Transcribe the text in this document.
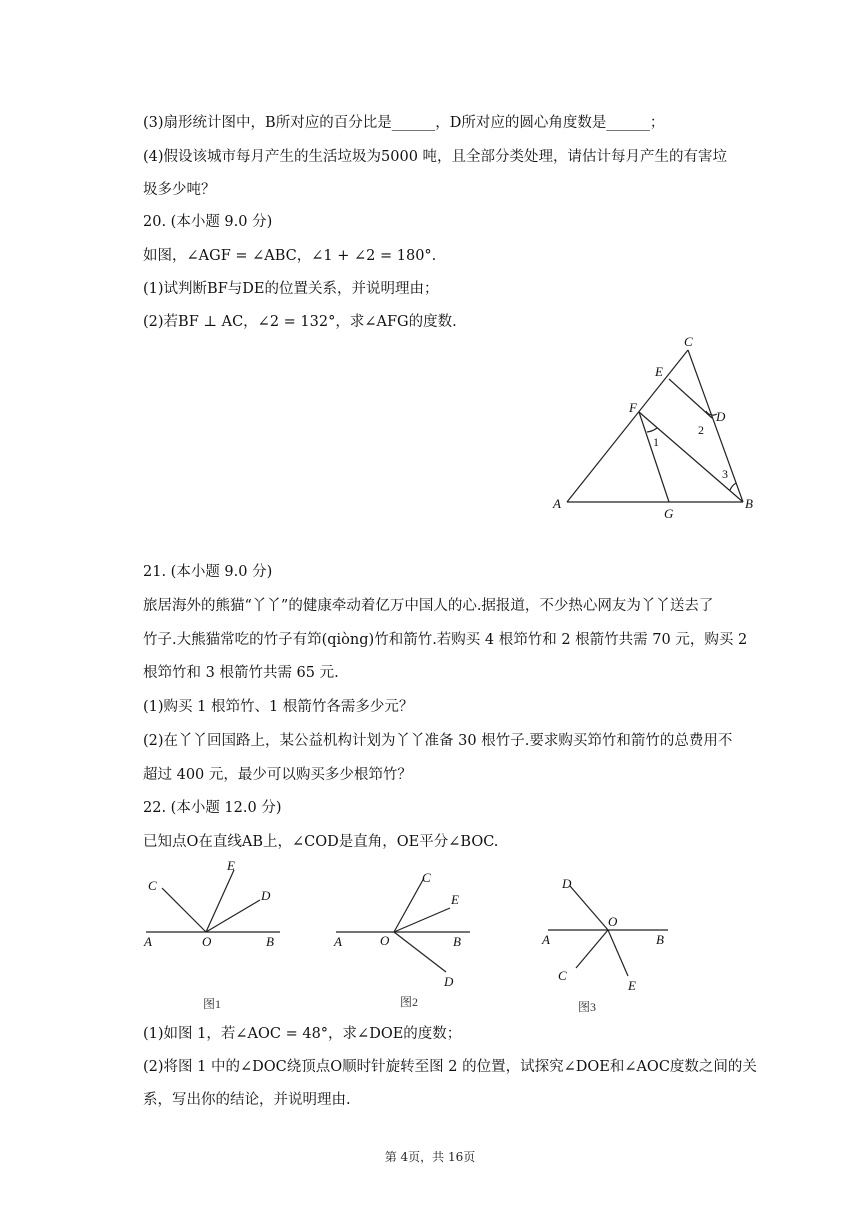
(3)扇形统计图中，B所对应的百分比是______，D所对应的圆心角度数是______；
(4)假设该城市每月产生的生活垃圾为5000 吨，且全部分类处理，请估计每月产生的有害垃
圾多少吨？
20. (本小题 9.0 分)
如图，∠AGF = ∠ABC，∠1 + ∠2 = 180°.
(1)试判断BF与DE的位置关系，并说明理由；
(2)若BF ⊥ AC，∠2 = 132°，求∠AFG的度数.
C
E
F
D
2
1
3
A
G
B
21. (本小题 9.0 分)
旅居海外的熊猫“丫丫”的健康牵动着亿万中国人的心.据报道，不少热心网友为丫丫送去了
竹子.大熊猫常吃的竹子有笻(qiòng)竹和箭竹.若购买 4 根笻竹和 2 根箭竹共需 70 元，购买 2
根笻竹和 3 根箭竹共需 65 元.
(1)购买 1 根笻竹、1 根箭竹各需多少元？
(2)在丫丫回国路上，某公益机构计划为丫丫准备 30 根竹子.要求购买笻竹和箭竹的总费用不
超过 400 元，最少可以购买多少根笻竹？
22. (本小题 12.0 分)
已知点O在直线AB上，∠COD是直角，OE平分∠BOC.
C
E
D
A	O	B
图1
C
E
A	O	B
D
图2
D
O
A	B
C
E
图3
(1)如图 1，若∠AOC = 48°，求∠DOE的度数；
(2)将图 1 中的∠DOC绕顶点O顺时针旋转至图 2 的位置，试探究∠DOE和∠AOC度数之间的关
系，写出你的结论，并说明理由.
第 4页，共 16页
